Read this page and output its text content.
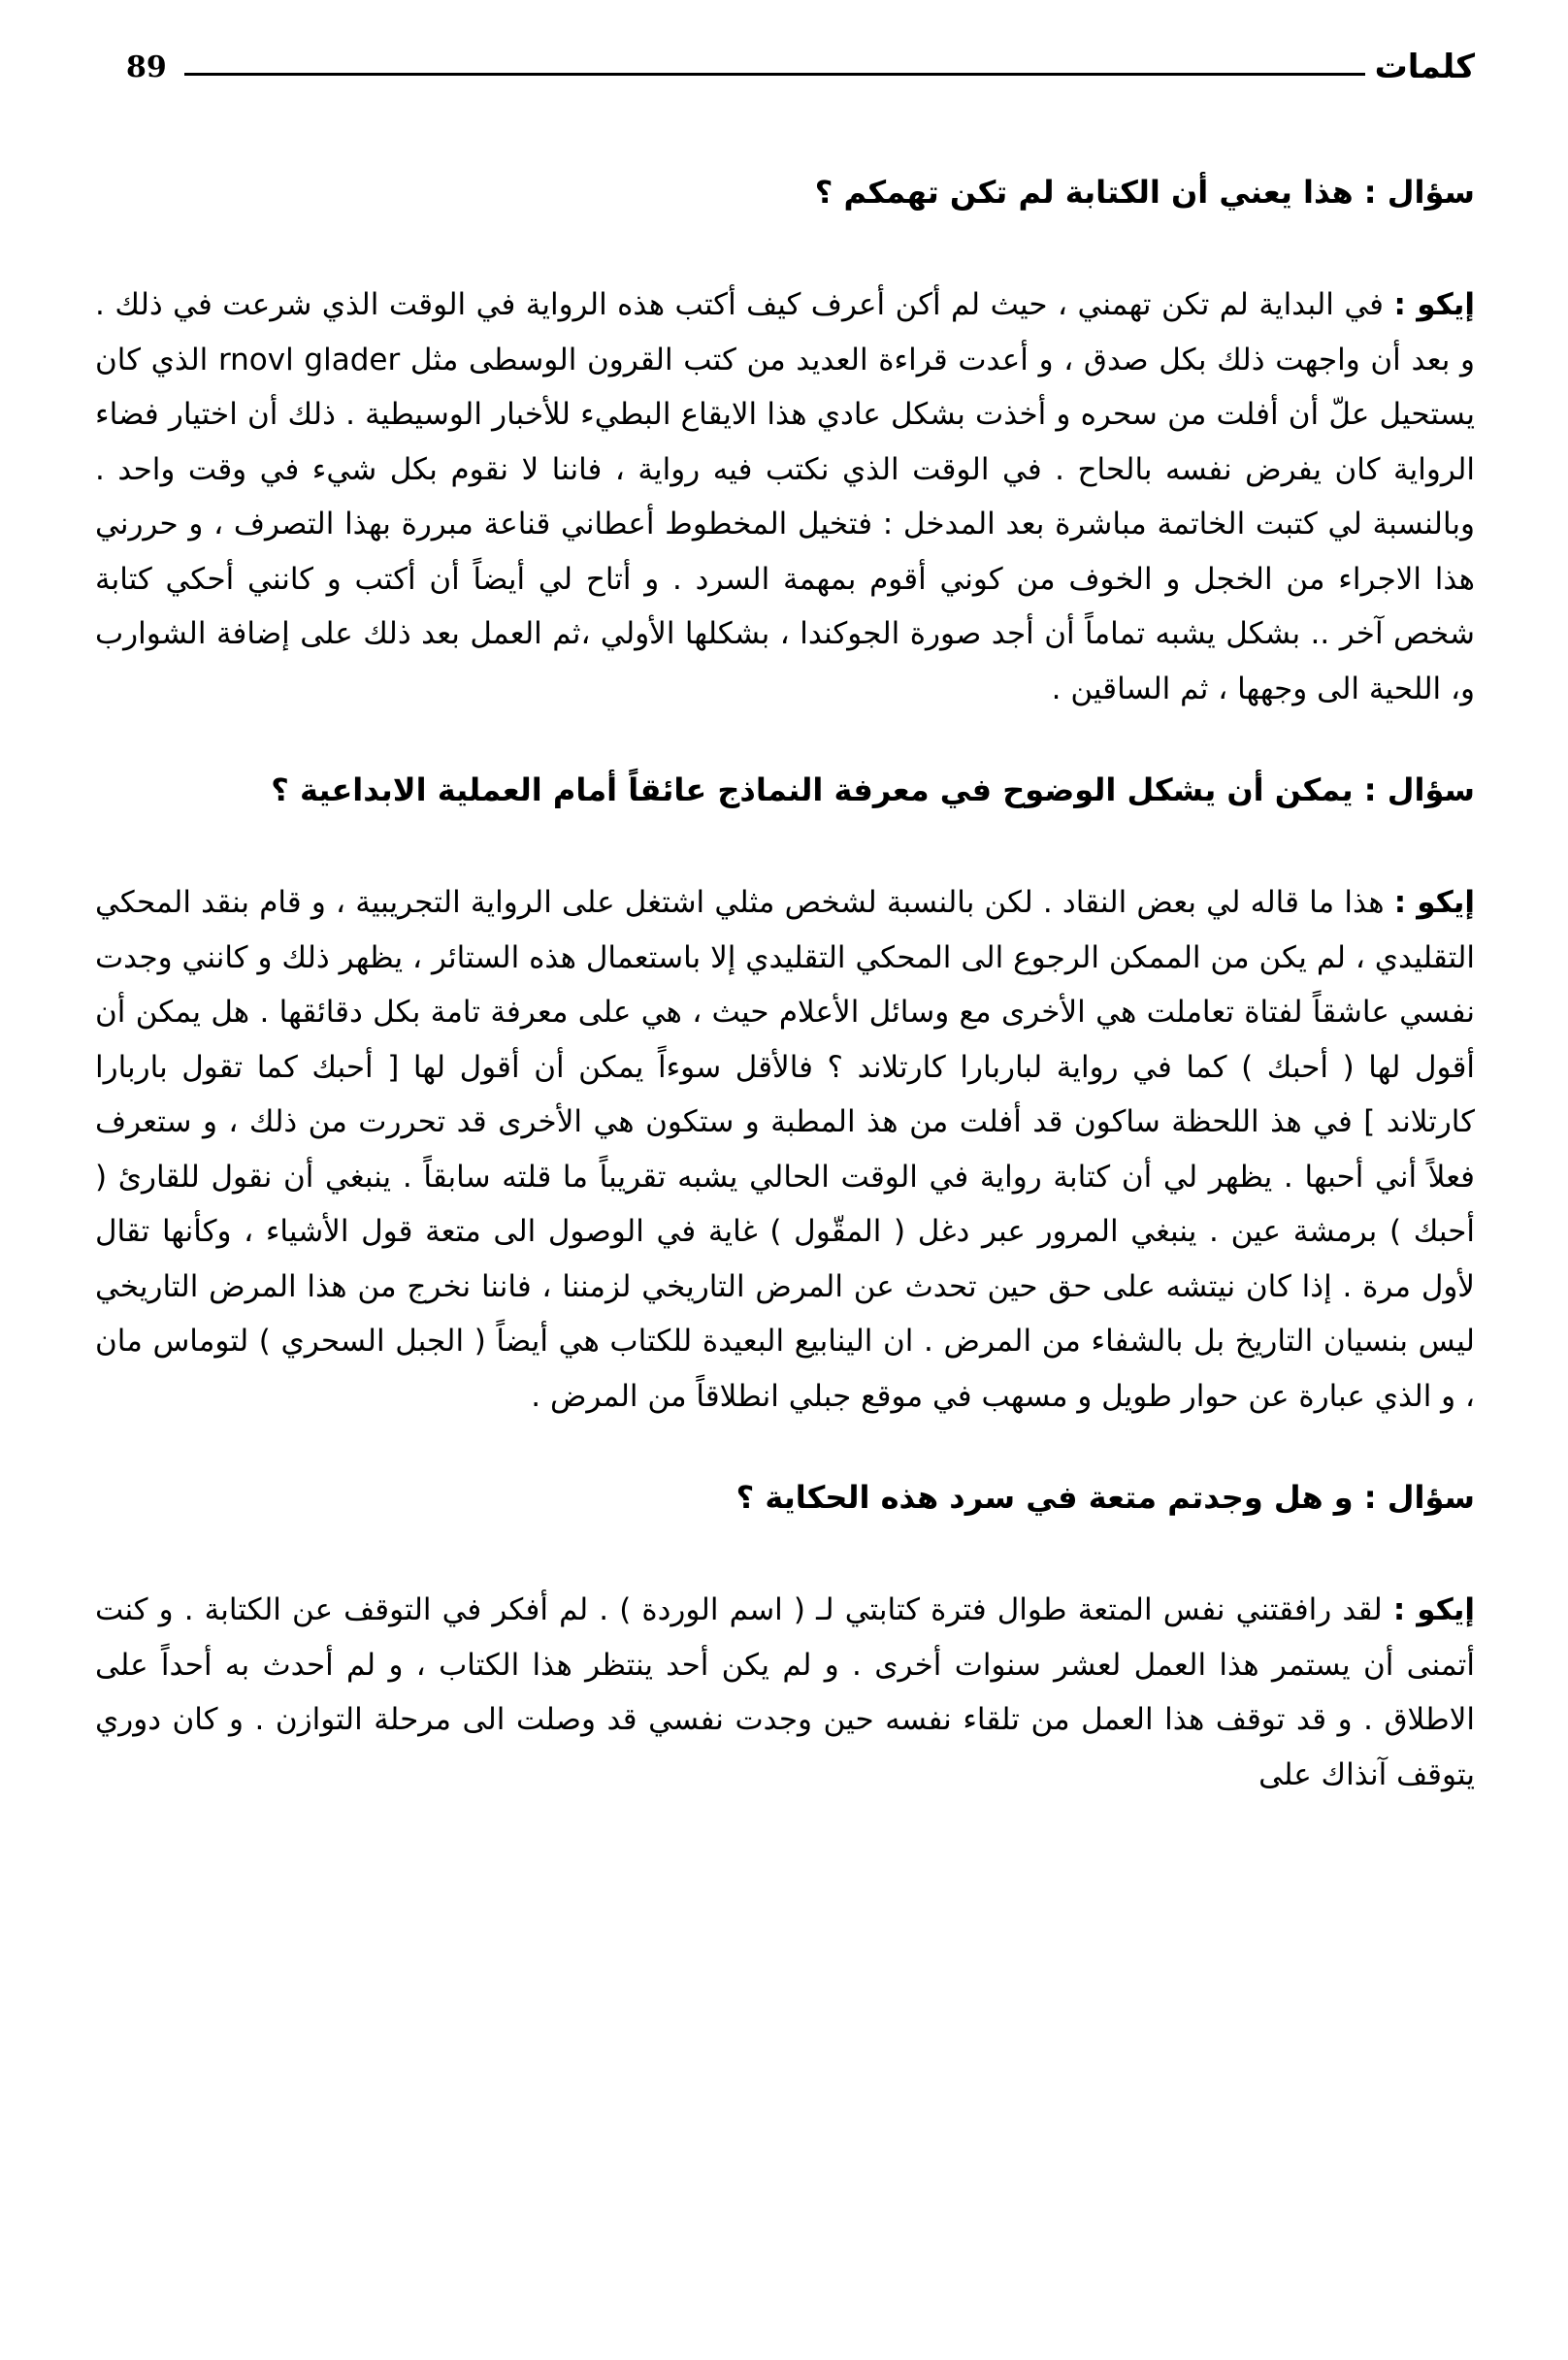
89	كلمات

سؤال : هذا يعني أن الكتابة لم تكن تهمكم ؟

إيكو : في البداية لم تكن تهمني ، حيث لم أكن أعرف كيف أكتب هذه الرواية في الوقت الذي شرعت في ذلك . و بعد أن واجهت ذلك بكل صدق ، و أعدت قراءة العديد من كتب القرون الوسطى مثل rnovl glader الذي كان يستحيل علّ أن أفلت من سحره و أخذت بشكل عادي هذا الايقاع البطيء للأخبار الوسيطية . ذلك أن اختيار فضاء الرواية كان يفرض نفسه بالحاح . في الوقت الذي نكتب فيه رواية ، فاننا لا نقوم بكل شيء في وقت واحد . وبالنسبة لي كتبت الخاتمة مباشرة بعد المدخل : فتخيل المخطوط أعطاني قناعة مبررة بهذا التصرف ، و حررني هذا الاجراء من الخجل و الخوف من كوني أقوم بمهمة السرد . و أتاح لي أيضاً أن أكتب و كانني أحكي كتابة شخص آخر .. بشكل يشبه تماماً أن أجد صورة الجوكندا ، بشكلها الأولي ،ثم العمل بعد ذلك على إضافة الشوارب و، اللحية الى وجهها ، ثم الساقين .

سؤال : يمكن أن يشكل الوضوح في معرفة النماذج عائقاً أمام العملية الابداعية ؟

إيكو : هذا ما قاله لي بعض النقاد . لكن بالنسبة لشخص مثلي اشتغل على الرواية التجريبية ، و قام بنقد المحكي التقليدي ، لم يكن من الممكن الرجوع الى المحكي التقليدي إلا باستعمال هذه الستائر ، يظهر ذلك و كانني وجدت نفسي عاشقاً لفتاة تعاملت هي الأخرى مع وسائل الأعلام حيث ، هي على معرفة تامة بكل دقائقها . هل يمكن أن أقول لها ( أحبك ) كما في رواية لباربارا كارتلاند ؟ فالأقل سوءاً يمكن أن أقول لها [ أحبك كما تقول باربارا كارتلاند ] في هذ اللحظة ساكون قد أفلت من هذ المطبة و ستكون هي الأخرى قد تحررت من ذلك ، و ستعرف فعلاً أني أحبها . يظهر لي أن كتابة رواية في الوقت الحالي يشبه تقريباً ما قلته سابقاً . ينبغي أن نقول للقارئ ( أحبك ) برمشة عين . ينبغي المرور عبر دغل ( المقّول ) غاية في الوصول الى متعة قول الأشياء ، وكأنها تقال لأول مرة . إذا كان نيتشه على حق حين تحدث عن المرض التاريخي لزمننا ، فاننا نخرج من هذا المرض التاريخي ليس بنسيان التاريخ بل بالشفاء من المرض . ان الينابيع البعيدة للكتاب هي أيضاً ( الجبل السحري ) لتوماس مان ، و الذي عبارة عن حوار طويل و مسهب في موقع جبلي انطلاقاً من المرض .

سؤال : و هل وجدتم متعة في سرد هذه الحكاية ؟

إيكو : لقد رافقتني نفس المتعة طوال فترة كتابتي لـ ( اسم الوردة ) . لم أفكر في التوقف عن الكتابة . و كنت أتمنى أن يستمر هذا العمل لعشر سنوات أخرى . و لم يكن أحد ينتظر هذا الكتاب ، و لم أحدث به أحداً على الاطلاق . و قد توقف هذا العمل من تلقاء نفسه حين وجدت نفسي قد وصلت الى مرحلة التوازن . و كان دوري يتوقف آنذاك على
